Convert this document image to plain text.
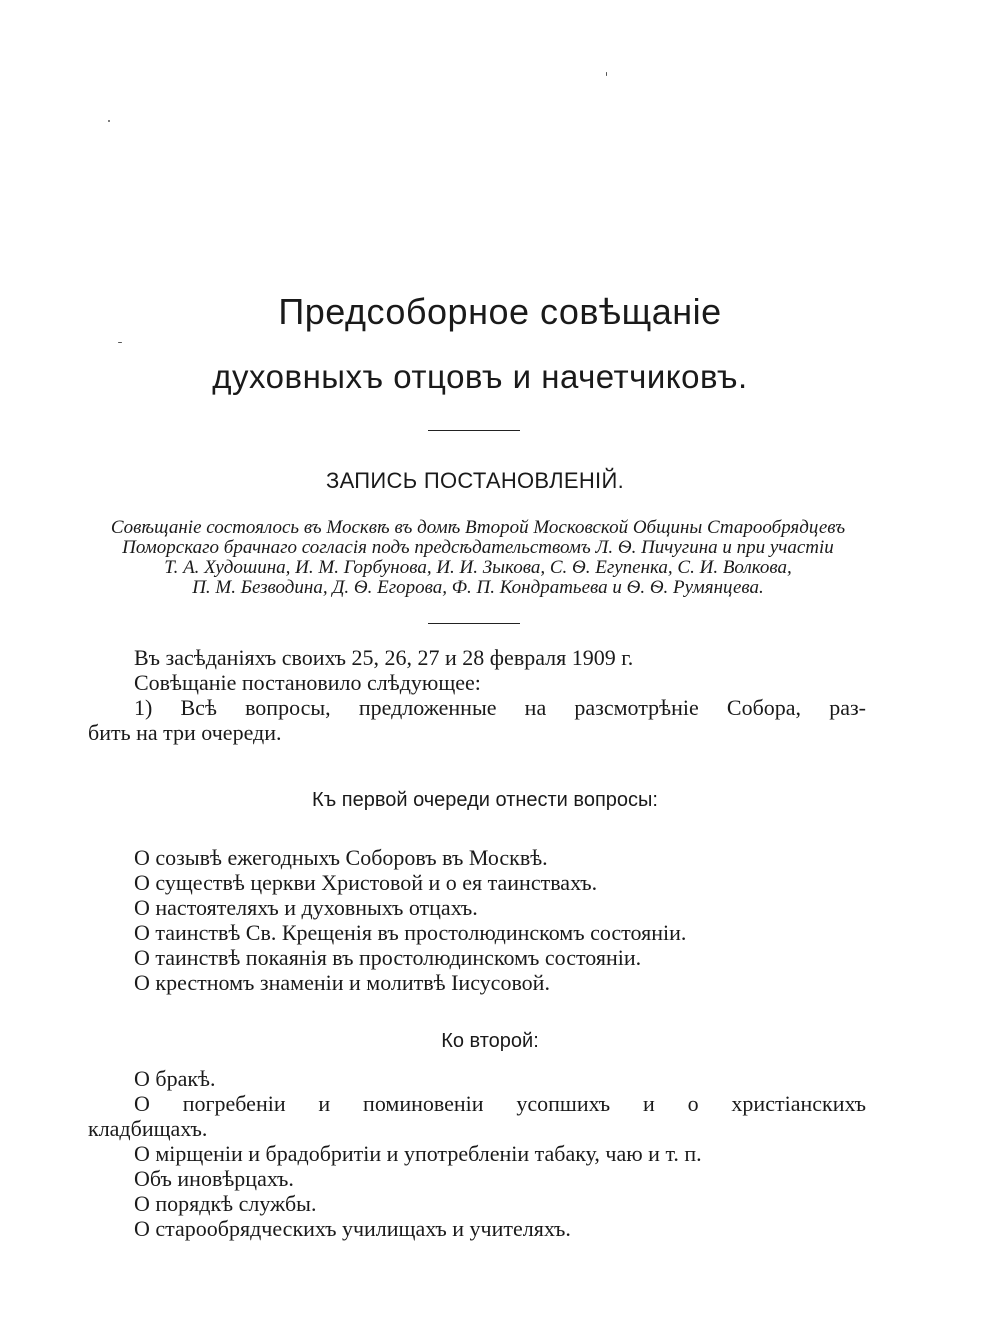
Предсоборное совѣщаніе
духовныхъ отцовъ и начетчиковъ.
ЗАПИСЬ ПОСТАНОВЛЕНІЙ.
Совѣщаніе состоялось въ Москвѣ въ домѣ Второй Московской Общины Старообрядцевъ
Поморскаго брачнаго согласія подъ предсѣдательствомъ Л. Ѳ. Пичугина и при участіи
Т. А. Худошина, И. М. Горбунова, И. И. Зыкова, С. Ѳ. Егупенка, С. И. Волкова,
П. М. Безводина, Д. Ѳ. Егорова, Ф. П. Кондратьева и Ѳ. Ѳ. Румянцева.
Въ засѣданіяхъ своихъ 25, 26, 27 и 28 февраля 1909 г.
Совѣщаніе постановило слѣдующее:
1) Всѣ вопросы, предложенные на разсмотрѣніе Собора, раз-
бить на три очереди.
Къ первой очереди отнести вопросы:
О созывѣ ежегодныхъ Соборовъ въ Москвѣ.
О существѣ церкви Христовой и о ея таинствахъ.
О настоятеляхъ и духовныхъ отцахъ.
О таинствѣ Св. Крещенія въ простолюдинскомъ состояніи.
О таинствѣ покаянія въ простолюдинскомъ состояніи.
О крестномъ знаменіи и молитвѣ Іисусовой.
Ко второй:
О бракѣ.
О погребеніи и поминовеніи усопшихъ и о христіанскихъ
кладбищахъ.
О мірщеніи и брадобритіи и употребленіи табаку, чаю и т. п.
Объ иновѣрцахъ.
О порядкѣ службы.
О старообрядческихъ училищахъ и учителяхъ.
